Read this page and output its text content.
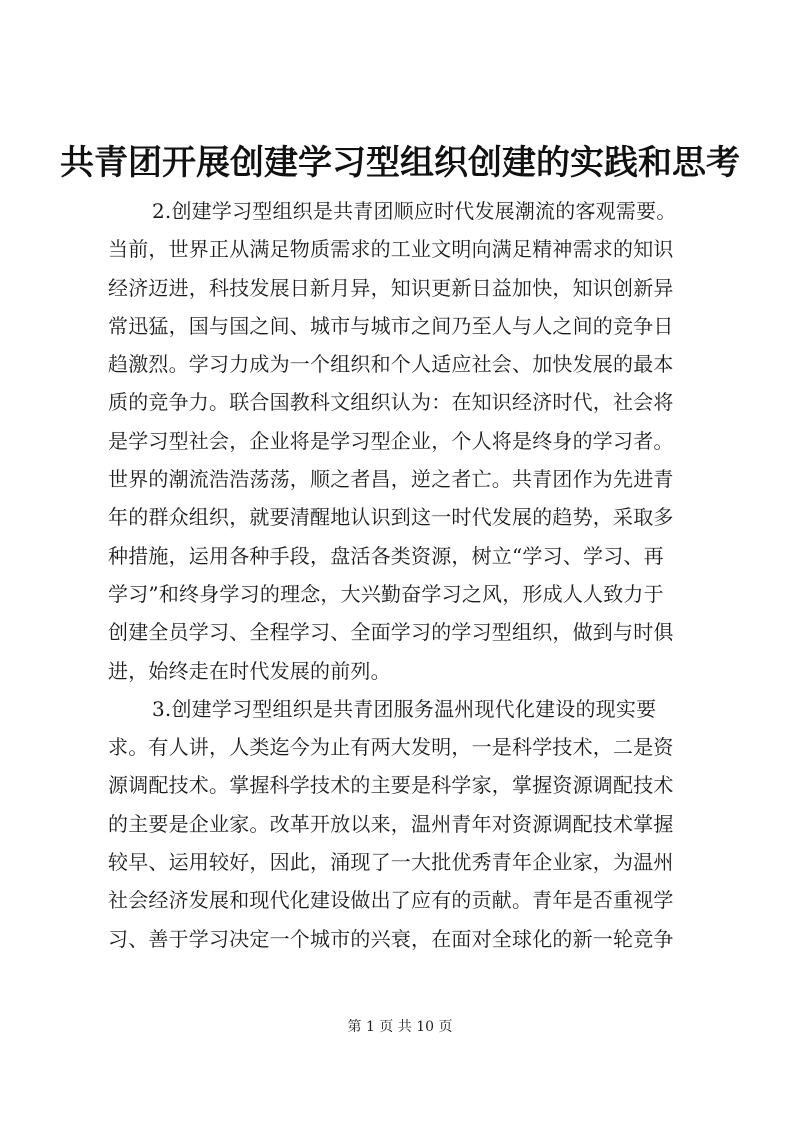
共青团开展创建学习型组织创建的实践和思考
2.创建学习型组织是共青团顺应时代发展潮流的客观需要。
当前，世界正从满足物质需求的工业文明向满足精神需求的知识
经济迈进，科技发展日新月异，知识更新日益加快，知识创新异
常迅猛，国与国之间、城市与城市之间乃至人与人之间的竞争日
趋激烈。学习力成为一个组织和个人适应社会、加快发展的最本
质的竞争力。联合国教科文组织认为：在知识经济时代，社会将
是学习型社会，企业将是学习型企业，个人将是终身的学习者。
世界的潮流浩浩荡荡，顺之者昌，逆之者亡。共青团作为先进青
年的群众组织，就要清醒地认识到这一时代发展的趋势，采取多
种措施，运用各种手段，盘活各类资源，树立“学习、学习、再
学习”和终身学习的理念，大兴勤奋学习之风，形成人人致力于
创建全员学习、全程学习、全面学习的学习型组织，做到与时俱
进，始终走在时代发展的前列。
3.创建学习型组织是共青团服务温州现代化建设的现实要
求。有人讲，人类迄今为止有两大发明，一是科学技术，二是资
源调配技术。掌握科学技术的主要是科学家，掌握资源调配技术
的主要是企业家。改革开放以来，温州青年对资源调配技术掌握
较早、运用较好，因此，涌现了一大批优秀青年企业家，为温州
社会经济发展和现代化建设做出了应有的贡献。青年是否重视学
习、善于学习决定一个城市的兴衰，在面对全球化的新一轮竞争
第 1 页 共 10 页
